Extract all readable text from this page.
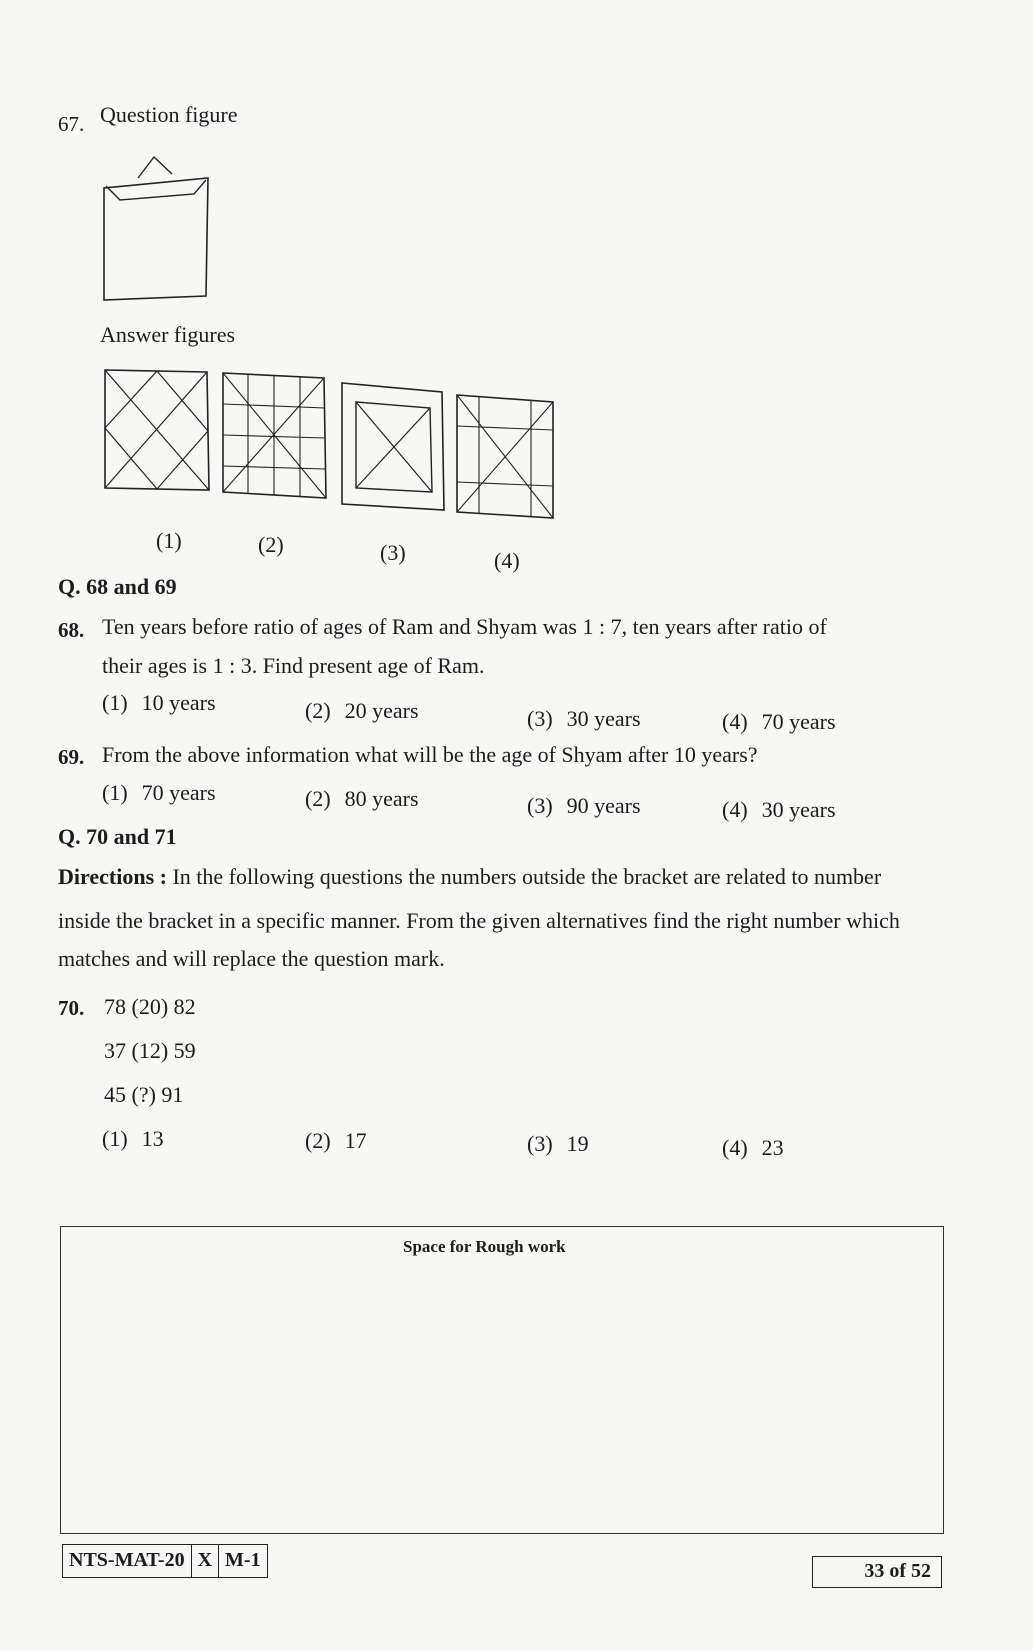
67. Question figure
Answer figures
(1)	(2)	(3)	(4)
Q. 68 and 69
68. Ten years before ratio of ages of Ram and Shyam was 1 : 7, ten years after ratio of
their ages is 1 : 3. Find present age of Ram.
(1) 10 years	(2) 20 years	(3) 30 years	(4) 70 years
69. From the above information what will be the age of Shyam after 10 years?
(1) 70 years	(2) 80 years	(3) 90 years	(4) 30 years
Q. 70 and 71
Directions : In the following questions the numbers outside the bracket are related to number
inside the bracket in a specific manner. From the given alternatives find the right number which
matches and will replace the question mark.
70. 78 (20) 82
37 (12) 59
45 (?) 91
(1) 13	(2) 17	(3) 19	(4) 23
Space for Rough work
NTS-MAT-20 X M-1	33 of 52
